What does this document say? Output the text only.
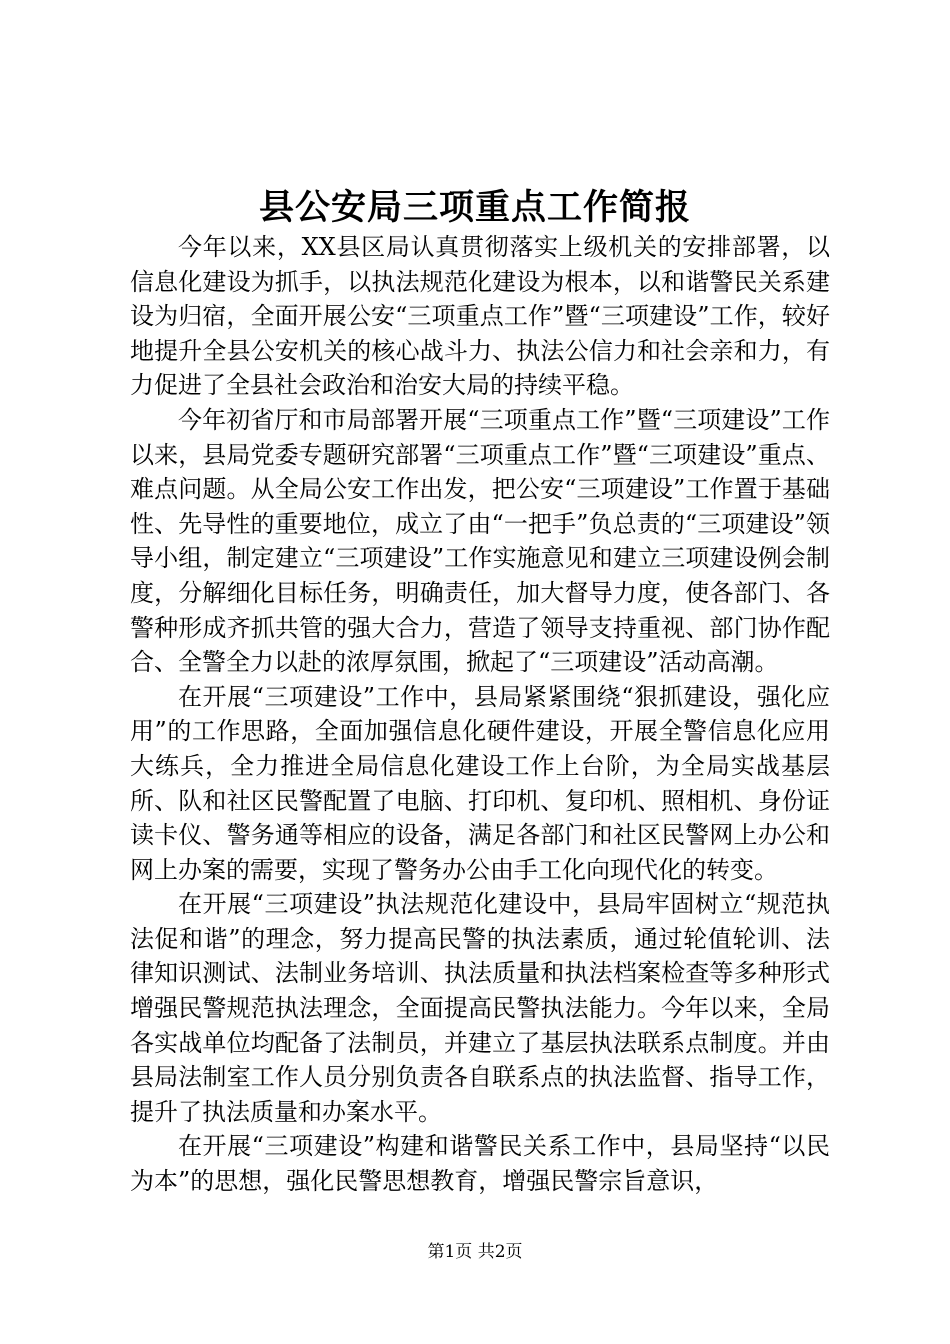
县公安局三项重点工作简报

今年以来，XX县区局认真贯彻落实上级机关的安排部署，以信息化建设为抓手，以执法规范化建设为根本，以和谐警民关系建设为归宿，全面开展公安“三项重点工作”暨“三项建设”工作，较好地提升全县公安机关的核心战斗力、执法公信力和社会亲和力，有力促进了全县社会政治和治安大局的持续平稳。

今年初省厅和市局部署开展“三项重点工作”暨“三项建设”工作以来，县局党委专题研究部署“三项重点工作”暨“三项建设”重点、难点问题。从全局公安工作出发，把公安“三项建设”工作置于基础性、先导性的重要地位，成立了由“一把手”负总责的“三项建设”领导小组，制定建立“三项建设”工作实施意见和建立三项建设例会制度，分解细化目标任务，明确责任，加大督导力度，使各部门、各警种形成齐抓共管的强大合力，营造了领导支持重视、部门协作配合、全警全力以赴的浓厚氛围，掀起了“三项建设”活动高潮。

在开展“三项建设”工作中，县局紧紧围绕“狠抓建设，强化应用”的工作思路，全面加强信息化硬件建设，开展全警信息化应用大练兵，全力推进全局信息化建设工作上台阶，为全局实战基层所、队和社区民警配置了电脑、打印机、复印机、照相机、身份证读卡仪、警务通等相应的设备，满足各部门和社区民警网上办公和网上办案的需要，实现了警务办公由手工化向现代化的转变。

在开展“三项建设”执法规范化建设中，县局牢固树立“规范执法促和谐”的理念，努力提高民警的执法素质，通过轮值轮训、法律知识测试、法制业务培训、执法质量和执法档案检查等多种形式增强民警规范执法理念，全面提高民警执法能力。今年以来，全局各实战单位均配备了法制员，并建立了基层执法联系点制度。并由县局法制室工作人员分别负责各自联系点的执法监督、指导工作，提升了执法质量和办案水平。

在开展“三项建设”构建和谐警民关系工作中，县局坚持“以民为本”的思想，强化民警思想教育，增强民警宗旨意识，

第1页 共2页
